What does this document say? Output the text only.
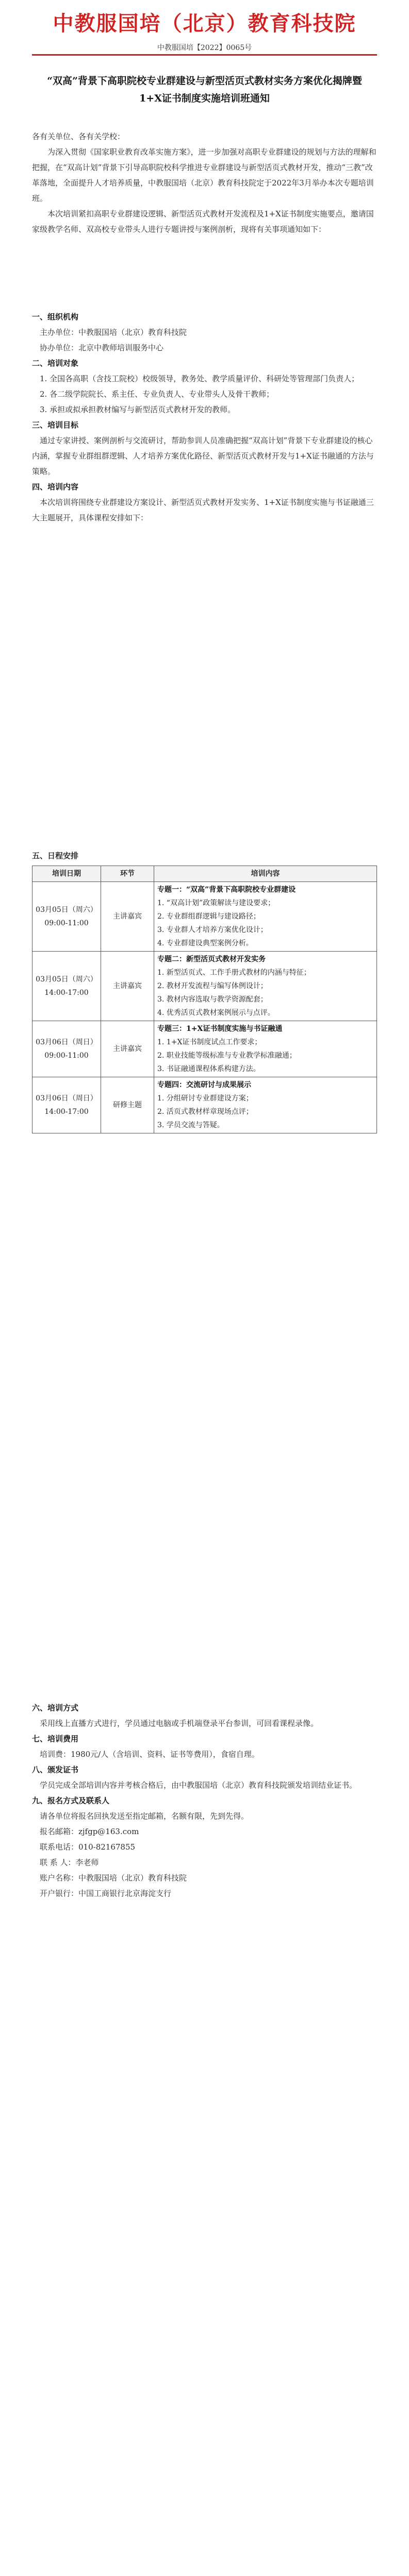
中教服国培（北京）教育科技院
中教服国培【2022】0065号
“双高”背景下高职院校专业群建设与新型活页式教材实务方案优化揭牌暨1+X证书制度实施培训班通知

各有关单位、各有关学校：

为深入贯彻《国家职业教育改革实施方案》，进一步加强对高职专业群建设的规划与方法的理解和把握，在“双高计划”背景下引导高职院校科学推进专业群建设与新型活页式教材开发，推动“三教”改革落地，全面提升人才培养质量，中教服国培（北京）教育科技院定于2022年3月举办本次专题培训班。

本次培训紧扣高职专业群建设逻辑、新型活页式教材开发流程及1+X证书制度实施要点，邀请国家级教学名师、双高校专业带头人进行专题讲授与案例剖析，现将有关事项通知如下：

一、组织机构

主办单位：中教服国培（北京）教育科技院

协办单位：北京中教师培训服务中心

二、培训对象

1. 全国各高职（含技工院校）校级领导，教务处、教学质量评价、科研处等管理部门负责人；

2. 各二级学院院长、系主任、专业负责人、专业带头人及骨干教师；

3. 承担或拟承担教材编写与新型活页式教材开发的教师。

三、培训目标

通过专家讲授、案例剖析与交流研讨，帮助参训人员准确把握“双高计划”背景下专业群建设的核心内涵，掌握专业群组群逻辑、人才培养方案优化路径、新型活页式教材开发与1+X证书融通的方法与策略。

四、培训内容

本次培训将围绕专业群建设方案设计、新型活页式教材开发实务、1+X证书制度实施与书证融通三大主题展开，具体课程安排如下：

五、日程安排
培训日期	环节	培训内容
03月05日（周六）09:00-11:00	主讲嘉宾	专题一：“双高”背景下高职院校专业群建设
1. “双高计划”政策解读与建设要求；
2. 专业群组群逻辑与建设路径；
3. 专业群人才培养方案优化设计；
4. 专业群建设典型案例分析。

03月05日（周六）14:00-17:00	主讲嘉宾	专题二：新型活页式教材开发实务
1. 新型活页式、工作手册式教材的内涵与特征；
2. 教材开发流程与编写体例设计；
3. 教材内容选取与教学资源配套；
4. 优秀活页式教材案例展示与点评。

03月06日（周日）09:00-11:00	主讲嘉宾	专题三：1+X证书制度实施与书证融通
1. 1+X证书制度试点工作要求；
2. 职业技能等级标准与专业教学标准融通；
3. 书证融通课程体系构建方法。

03月06日（周日）14:00-17:00	研修主题	专题四：交流研讨与成果展示
1. 分组研讨专业群建设方案；
2. 活页式教材样章现场点评；
3. 学员交流与答疑。

六、培训方式

采用线上直播方式进行，学员通过电脑或手机端登录平台参训，可回看课程录像。

七、培训费用

培训费：1980元/人（含培训、资料、证书等费用），食宿自理。

八、颁发证书

学员完成全部培训内容并考核合格后，由中教服国培（北京）教育科技院颁发培训结业证书。

九、报名方式及联系人

请各单位将报名回执发送至指定邮箱，名额有限，先到先得。

报名邮箱：zjfgp@163.com

联系电话：010-82167855

联 系 人：李老师

账户名称：中教服国培（北京）教育科技院

开户银行：中国工商银行北京海淀支行
